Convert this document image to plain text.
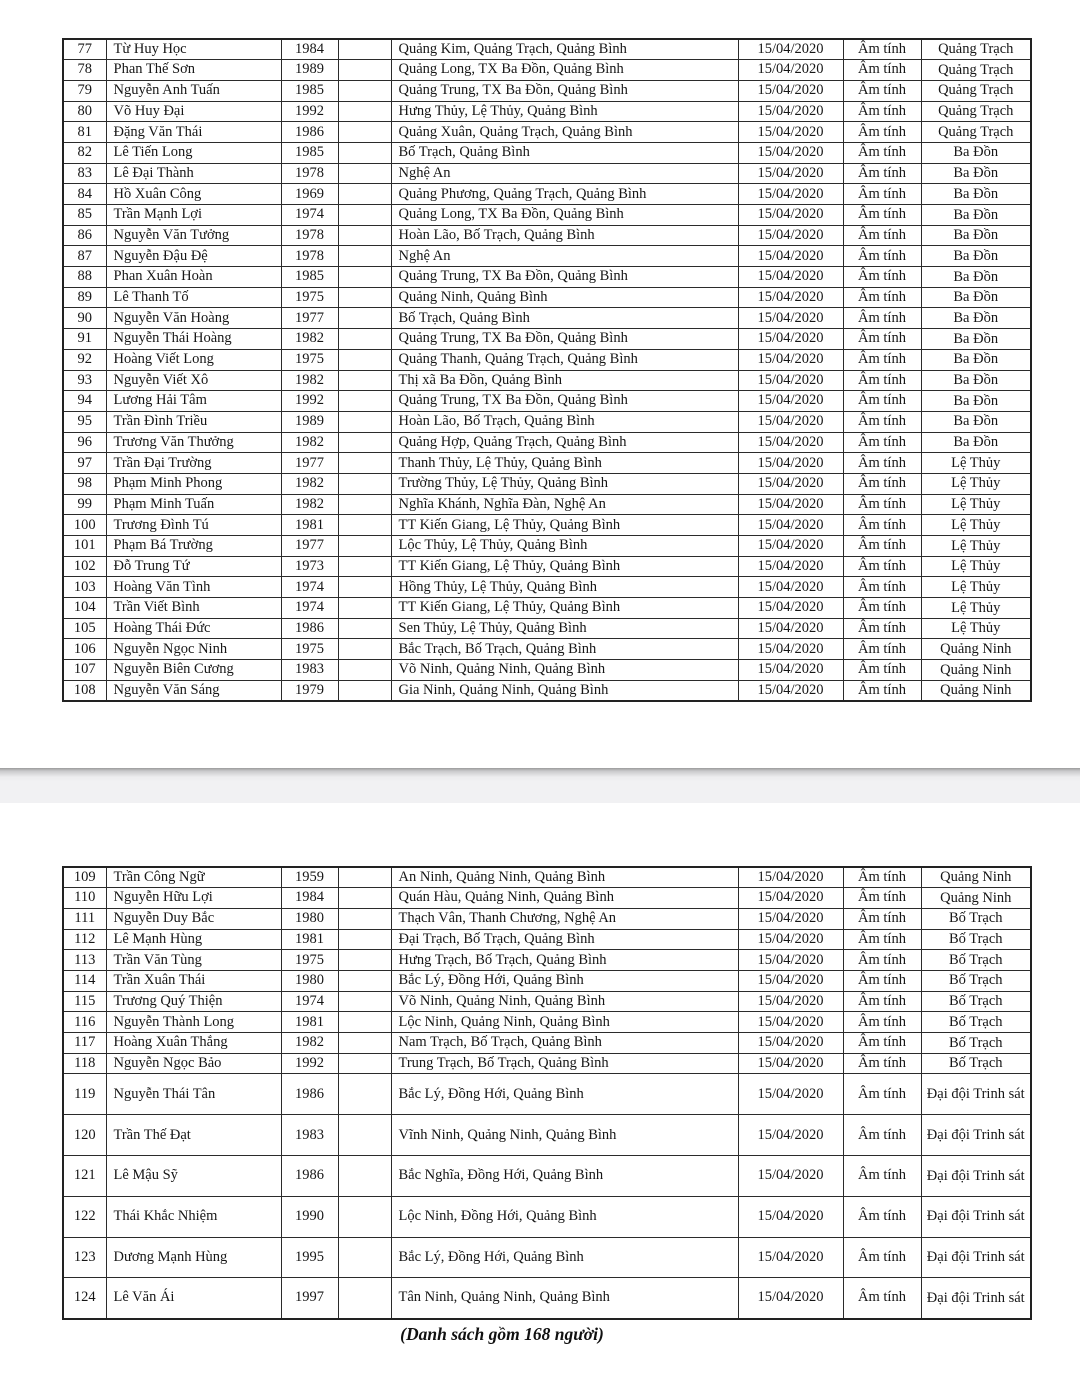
77	Từ Huy Học	1984		Quảng Kim, Quảng Trạch, Quảng Bình	15/04/2020	Âm tính	Quảng Trạch
78	Phan Thế Sơn	1989		Quảng Long, TX Ba Đồn, Quảng Bình	15/04/2020	Âm tính	Quảng Trạch
79	Nguyễn Anh Tuấn	1985		Quảng Trung, TX Ba Đồn, Quảng Bình	15/04/2020	Âm tính	Quảng Trạch
80	Võ Huy Đại	1992		Hưng Thủy, Lệ Thủy, Quảng Bình	15/04/2020	Âm tính	Quảng Trạch
81	Đặng Văn Thái	1986		Quảng Xuân, Quảng Trạch, Quảng Bình	15/04/2020	Âm tính	Quảng Trạch
82	Lê Tiến Long	1985		Bố Trạch, Quảng Bình	15/04/2020	Âm tính	Ba Đồn
83	Lê Đại Thành	1978		Nghệ An	15/04/2020	Âm tính	Ba Đồn
84	Hồ Xuân Công	1969		Quảng Phương, Quảng Trạch, Quảng Bình	15/04/2020	Âm tính	Ba Đồn
85	Trần Mạnh Lợi	1974		Quảng Long, TX Ba Đồn, Quảng Bình	15/04/2020	Âm tính	Ba Đồn
86	Nguyễn Văn Tưởng	1978		Hoàn Lão, Bố Trạch, Quảng Bình	15/04/2020	Âm tính	Ba Đồn
87	Nguyễn Đậu Đệ	1978		Nghệ An	15/04/2020	Âm tính	Ba Đồn
88	Phan Xuân Hoàn	1985		Quảng Trung, TX Ba Đồn, Quảng Bình	15/04/2020	Âm tính	Ba Đồn
89	Lê Thanh Tố	1975		Quảng Ninh, Quảng Bình	15/04/2020	Âm tính	Ba Đồn
90	Nguyễn Văn Hoàng	1977		Bố Trạch, Quảng Bình	15/04/2020	Âm tính	Ba Đồn
91	Nguyễn Thái Hoàng	1982		Quảng Trung, TX Ba Đồn, Quảng Bình	15/04/2020	Âm tính	Ba Đồn
92	Hoàng Viết Long	1975		Quảng Thanh, Quảng Trạch, Quảng Bình	15/04/2020	Âm tính	Ba Đồn
93	Nguyễn Viết Xô	1982		Thị xã Ba Đồn, Quảng Bình	15/04/2020	Âm tính	Ba Đồn
94	Lương Hải Tâm	1992		Quảng Trung, TX Ba Đồn, Quảng Bình	15/04/2020	Âm tính	Ba Đồn
95	Trần Đình Triều	1989		Hoàn Lão, Bố Trạch, Quảng Bình	15/04/2020	Âm tính	Ba Đồn
96	Trương Văn Thưởng	1982		Quảng Hợp, Quảng Trạch, Quảng Bình	15/04/2020	Âm tính	Ba Đồn
97	Trần Đại Trường	1977		Thanh Thủy, Lệ Thủy, Quảng Bình	15/04/2020	Âm tính	Lệ Thủy
98	Phạm Minh Phong	1982		Trường Thủy, Lệ Thủy, Quảng Bình	15/04/2020	Âm tính	Lệ Thủy
99	Phạm Minh Tuấn	1982		Nghĩa Khánh, Nghĩa Đàn, Nghệ An	15/04/2020	Âm tính	Lệ Thủy
100	Trương Đình Tú	1981		TT Kiến Giang, Lệ Thủy, Quảng Bình	15/04/2020	Âm tính	Lệ Thủy
101	Phạm Bá Trường	1977		Lộc Thủy, Lệ Thủy, Quảng Bình	15/04/2020	Âm tính	Lệ Thủy
102	Đỗ Trung Tứ	1973		TT Kiến Giang, Lệ Thủy, Quảng Bình	15/04/2020	Âm tính	Lệ Thủy
103	Hoàng Văn Tình	1974		Hồng Thủy, Lệ Thủy, Quảng Bình	15/04/2020	Âm tính	Lệ Thủy
104	Trần Viết Bình	1974		TT Kiến Giang, Lệ Thủy, Quảng Bình	15/04/2020	Âm tính	Lệ Thủy
105	Hoàng Thái Đức	1986		Sen Thủy, Lệ Thủy, Quảng Bình	15/04/2020	Âm tính	Lệ Thủy
106	Nguyễn Ngọc Ninh	1975		Bắc Trạch, Bố Trạch, Quảng Bình	15/04/2020	Âm tính	Quảng Ninh
107	Nguyễn Biên Cương	1983		Võ Ninh, Quảng Ninh, Quảng Bình	15/04/2020	Âm tính	Quảng Ninh
108	Nguyễn Văn Sáng	1979		Gia Ninh, Quảng Ninh, Quảng Bình	15/04/2020	Âm tính	Quảng Ninh
109	Trần Công Ngữ	1959		An Ninh, Quảng Ninh, Quảng Bình	15/04/2020	Âm tính	Quảng Ninh
110	Nguyễn Hữu Lợi	1984		Quán Hàu, Quảng Ninh, Quảng Bình	15/04/2020	Âm tính	Quảng Ninh
111	Nguyễn Duy Bắc	1980		Thạch Vân, Thanh Chương, Nghệ An	15/04/2020	Âm tính	Bố Trạch
112	Lê Mạnh Hùng	1981		Đại Trạch, Bố Trạch, Quảng Bình	15/04/2020	Âm tính	Bố Trạch
113	Trần Văn Tùng	1975		Hưng Trạch, Bố Trạch, Quảng Bình	15/04/2020	Âm tính	Bố Trạch
114	Trần Xuân Thái	1980		Bắc Lý, Đồng Hới, Quảng Bình	15/04/2020	Âm tính	Bố Trạch
115	Trương Quý Thiện	1974		Võ Ninh, Quảng Ninh, Quảng Bình	15/04/2020	Âm tính	Bố Trạch
116	Nguyễn Thành Long	1981		Lộc Ninh, Quảng Ninh, Quảng Bình	15/04/2020	Âm tính	Bố Trạch
117	Hoàng Xuân Thắng	1982		Nam Trạch, Bố Trạch, Quảng Bình	15/04/2020	Âm tính	Bố Trạch
118	Nguyễn Ngọc Bảo	1992		Trung Trạch, Bố Trạch, Quảng Bình	15/04/2020	Âm tính	Bố Trạch
119	Nguyễn Thái Tân	1986		Bắc Lý, Đồng Hới, Quảng Bình	15/04/2020	Âm tính	Đại đội Trinh sát
120	Trần Thế Đạt	1983		Vĩnh Ninh, Quảng Ninh, Quảng Bình	15/04/2020	Âm tính	Đại đội Trinh sát
121	Lê Mậu Sỹ	1986		Bắc Nghĩa, Đồng Hới, Quảng Bình	15/04/2020	Âm tính	Đại đội Trinh sát
122	Thái Khắc Nhiệm	1990		Lộc Ninh, Đồng Hới, Quảng Bình	15/04/2020	Âm tính	Đại đội Trinh sát
123	Dương Mạnh Hùng	1995		Bắc Lý, Đồng Hới, Quảng Bình	15/04/2020	Âm tính	Đại đội Trinh sát
124	Lê Văn Ái	1997		Tân Ninh, Quảng Ninh, Quảng Bình	15/04/2020	Âm tính	Đại đội Trinh sát

(Danh sách gồm 168 người)
